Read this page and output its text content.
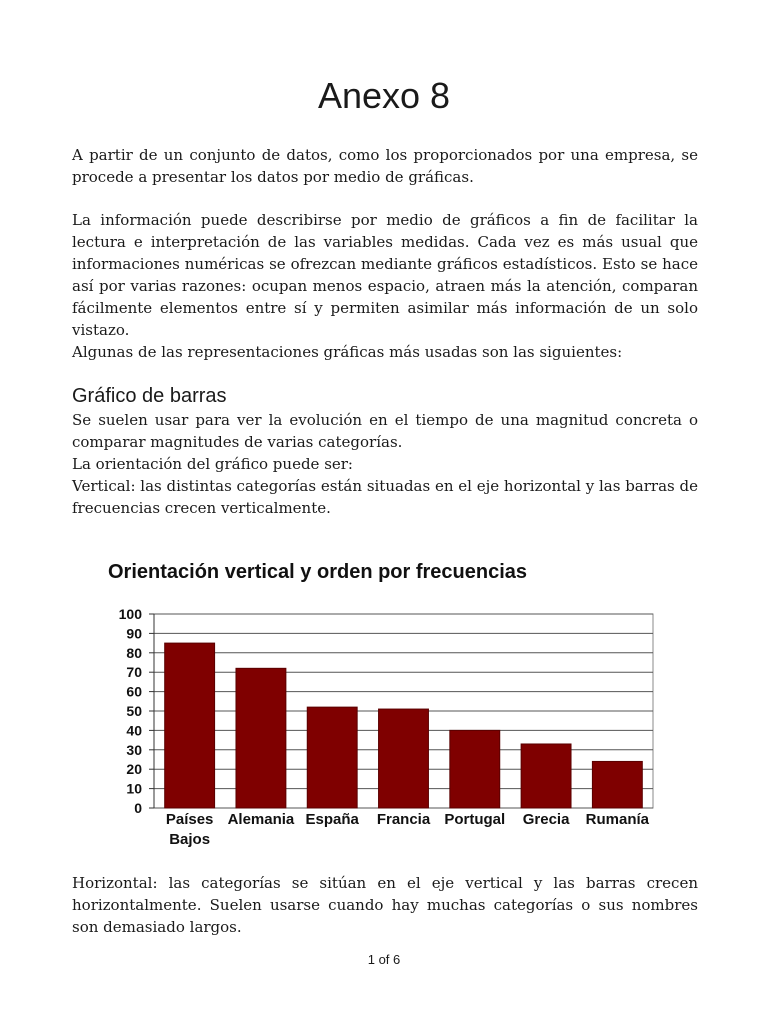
Anexo 8

A partir de un conjunto de datos, como los proporcionados por una empresa, se procede a presentar los datos por medio de gráficas.

La información puede describirse por medio de gráficos a fin de facilitar la lectura e interpretación de las variables medidas. Cada vez es más usual que informaciones numéricas se ofrezcan mediante gráficos estadísticos. Esto se hace así por varias razones: ocupan menos espacio, atraen más la atención, comparan fácilmente elementos entre sí y permiten asimilar más información de un solo vistazo.

Algunas de las representaciones gráficas más usadas son las siguientes:

Gráfico de barras

Se suelen usar para ver la evolución en el tiempo de una magnitud concreta o comparar magnitudes de varias categorías.

La orientación del gráfico puede ser:

Vertical: las distintas categorías están situadas en el eje horizontal y las barras de frecuencias crecen verticalmente.

Orientación vertical y orden por frecuencias
0
10
20
30
40
50
60
70
80
90
100
Países
Bajos
Alemania España Francia Portugal Grecia Rumanía

Horizontal: las categorías se sitúan en el eje vertical y las barras crecen horizontalmente. Suelen usarse cuando hay muchas categorías o sus nombres son demasiado largos.

1 of 6
